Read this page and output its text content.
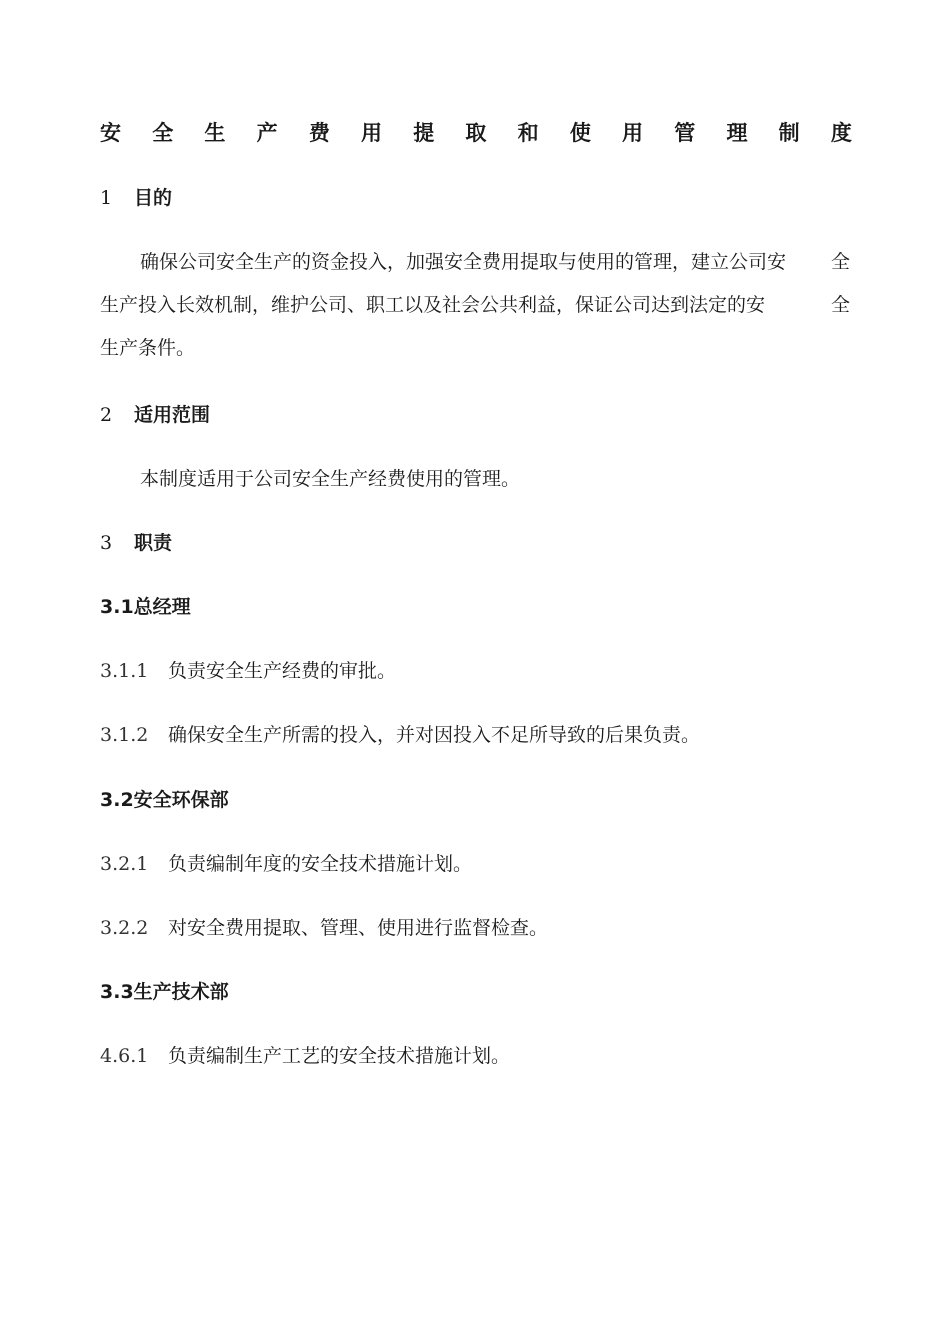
安 全 生 产 费 用 提 取 和 使 用 管 理 制 度
1 目的
确保公司安全生产的资金投入，加强安全费用提取与使用的管理，建立公司安 全
生产投入长效机制，维护公司、职工以及社会公共利益，保证公司达到法定的安	全
生产条件。
2 适用范围
本制度适用于公司安全生产经费使用的管理。
3 职责
3.1总经理
3.1.1 负责安全生产经费的审批。
3.1.2 确保安全生产所需的投入，并对因投入不足所导致的后果负责。
3.2安全环保部
3.2.1 负责编制年度的安全技术措施计划。
3.2.2 对安全费用提取、管理、使用进行监督检查。
3.3生产技术部
4.6.1 负责编制生产工艺的安全技术措施计划。
